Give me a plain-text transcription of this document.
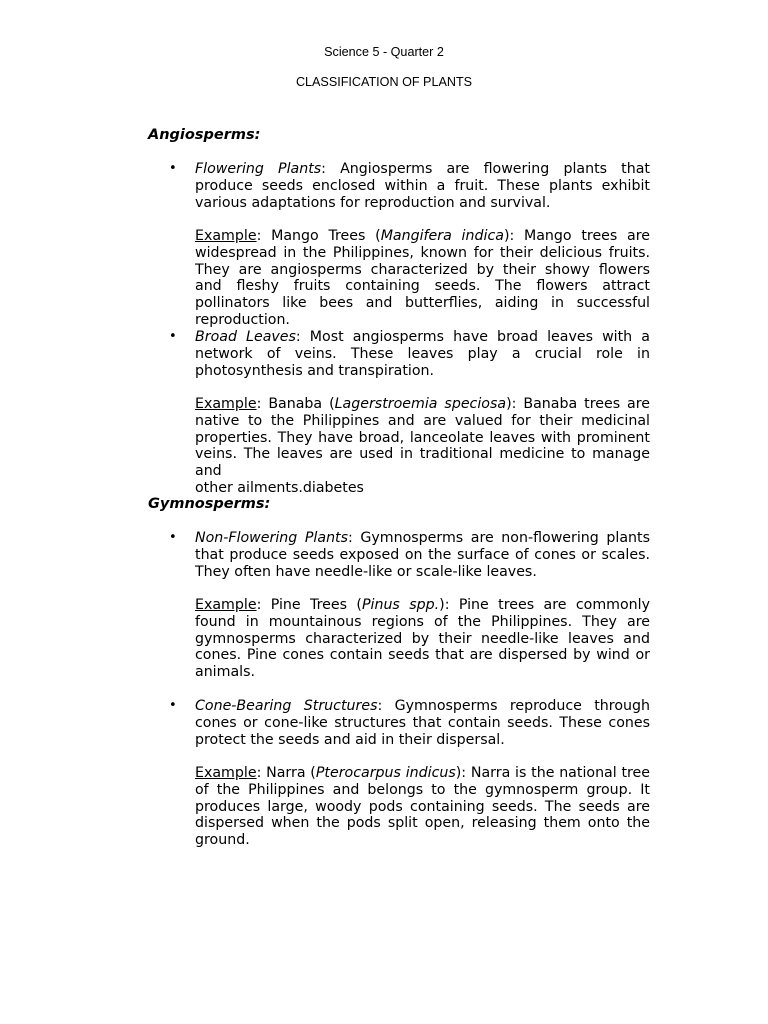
Science 5 - Quarter 2
CLASSIFICATION OF PLANTS
Angiosperms:
• Flowering Plants: Angiosperms are flowering plants that produce seeds enclosed within a fruit. These plants exhibit various adaptations for reproduction and survival.

Example: Mango Trees (Mangifera indica): Mango trees are widespread in the Philippines, known for their delicious fruits. They are angiosperms characterized by their showy flowers and fleshy fruits containing seeds. The flowers attract pollinators like bees and butterflies, aiding in successful reproduction.

• Broad Leaves: Most angiosperms have broad leaves with a network of veins. These leaves play a crucial role in photosynthesis and transpiration.

Example: Banaba (Lagerstroemia speciosa): Banaba trees are native to the Philippines and are valued for their medicinal properties. They have broad, lanceolate leaves with prominent veins. The leaves are used in traditional medicine to manage and

other ailments.diabetes
Gymnosperms:
• Non-Flowering Plants: Gymnosperms are non-flowering plants that produce seeds exposed on the surface of cones or scales. They often have needle-like or scale-like leaves.

Example: Pine Trees (Pinus spp.): Pine trees are commonly found in mountainous regions of the Philippines. They are gymnosperms characterized by their needle-like leaves and cones. Pine cones contain seeds that are dispersed by wind or animals.

• Cone-Bearing Structures: Gymnosperms reproduce through cones or cone-like structures that contain seeds. These cones protect the seeds and aid in their dispersal.

Example: Narra (Pterocarpus indicus): Narra is the national tree of the Philippines and belongs to the gymnosperm group. It produces large, woody pods containing seeds. The seeds are dispersed when the pods split open, releasing them onto the ground.
